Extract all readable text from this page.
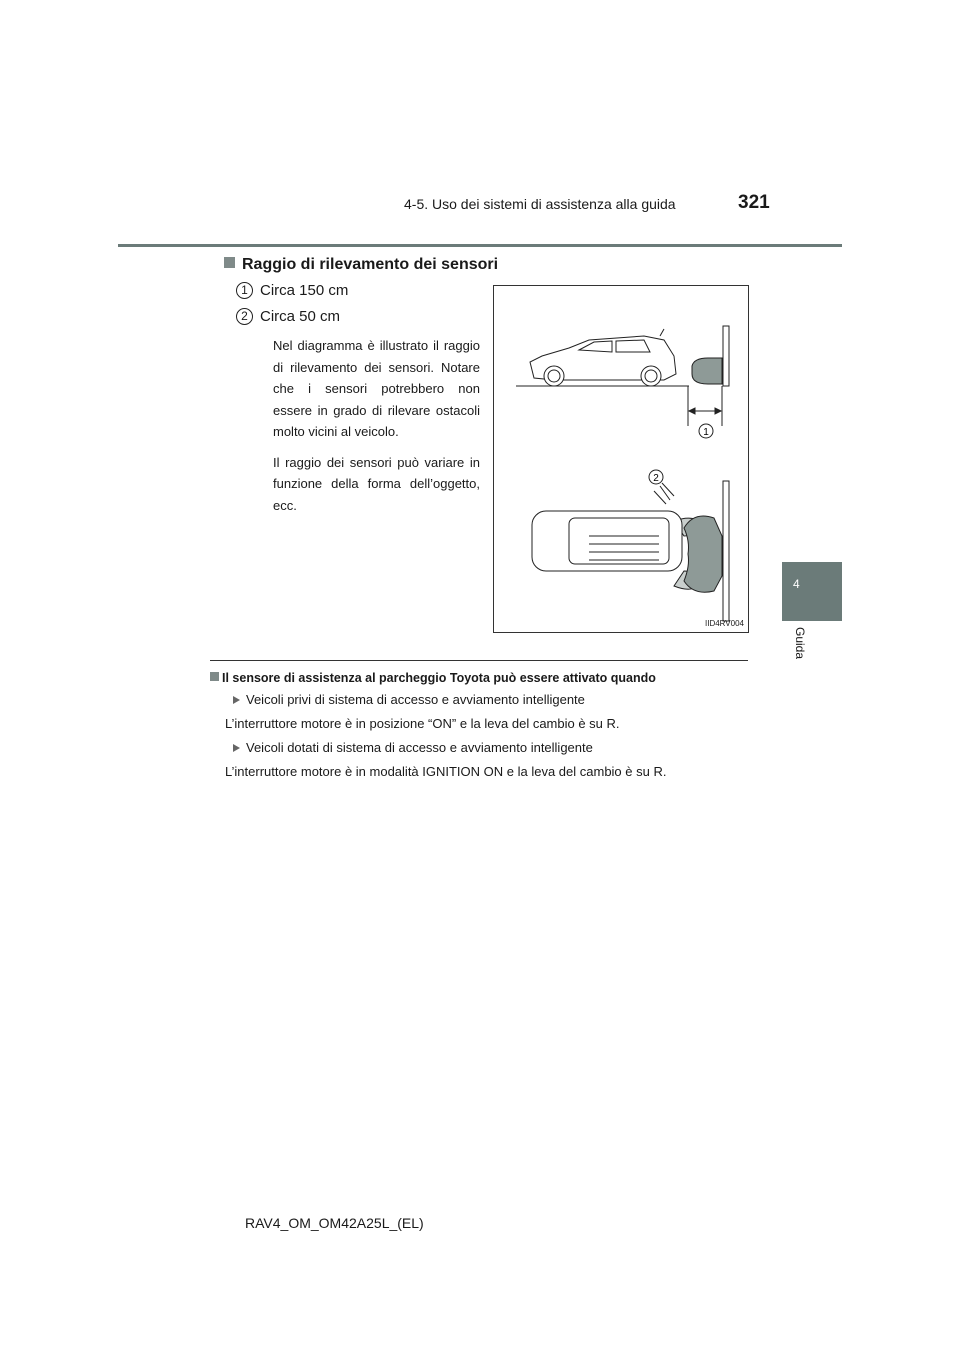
4-5. Uso dei sistemi di assistenza alla guida	321
4
Guida
Raggio di rilevamento dei sensori
1 Circa 150 cm
2 Circa 50 cm

Nel diagramma è illustrato il raggio di rilevamento dei sensori. Notare che i sensori potrebbero non essere in grado di rilevare ostacoli molto vicini al veicolo.

Il raggio dei sensori può variare in funzione della forma dell’oggetto, ecc.

1
2
IID4RV004
Il sensore di assistenza al parcheggio Toyota può essere attivato quando
Veicoli privi di sistema di accesso e avviamento intelligente
L’interruttore motore è in posizione “ON” e la leva del cambio è su R.
Veicoli dotati di sistema di accesso e avviamento intelligente
L’interruttore motore è in modalità IGNITION ON e la leva del cambio è su R.
RAV4_OM_OM42A25L_(EL)
